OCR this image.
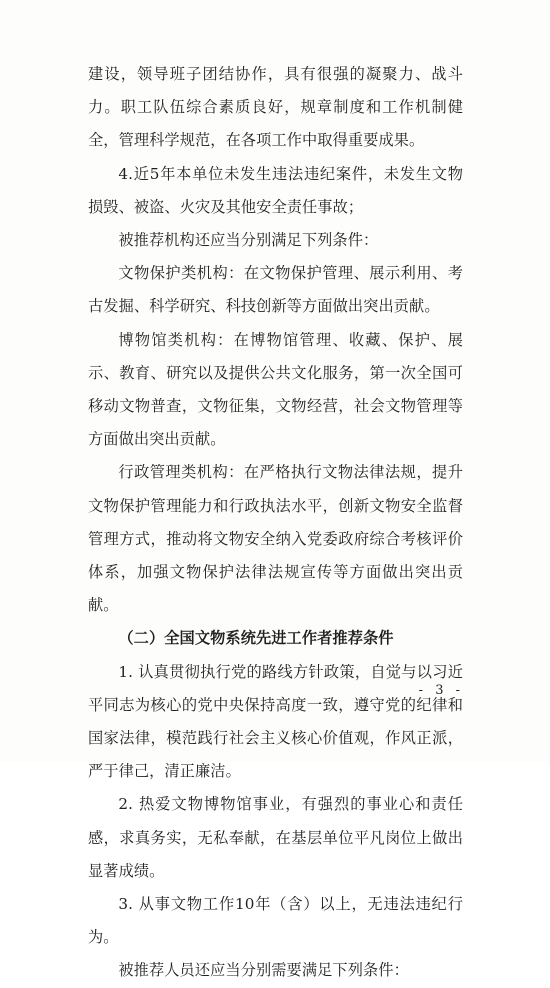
建设，领导班子团结协作，具有很强的凝聚力、战斗力。职工队伍综合素质良好，规章制度和工作机制健全，管理科学规范，在各项工作中取得重要成果。

4.近5年本单位未发生违法违纪案件，未发生文物损毁、被盗、火灾及其他安全责任事故；

被推荐机构还应当分别满足下列条件：

文物保护类机构：在文物保护管理、展示利用、考古发掘、科学研究、科技创新等方面做出突出贡献。

博物馆类机构：在博物馆管理、收藏、保护、展示、教育、研究以及提供公共文化服务，第一次全国可移动文物普查，文物征集，文物经营，社会文物管理等方面做出突出贡献。

行政管理类机构：在严格执行文物法律法规，提升文物保护管理能力和行政执法水平，创新文物安全监督管理方式，推动将文物安全纳入党委政府综合考核评价体系，加强文物保护法律法规宣传等方面做出突出贡献。

（二）全国文物系统先进工作者推荐条件

1. 认真贯彻执行党的路线方针政策，自觉与以习近平同志为核心的党中央保持高度一致，遵守党的纪律和国家法律，模范践行社会主义核心价值观，作风正派，严于律己，清正廉洁。

2. 热爱文物博物馆事业，有强烈的事业心和责任感，求真务实，无私奉献，在基层单位平凡岗位上做出显著成绩。

3. 从事文物工作10年（含）以上，无违法违纪行为。

被推荐人员还应当分别需要满足下列条件：

- 3 -
